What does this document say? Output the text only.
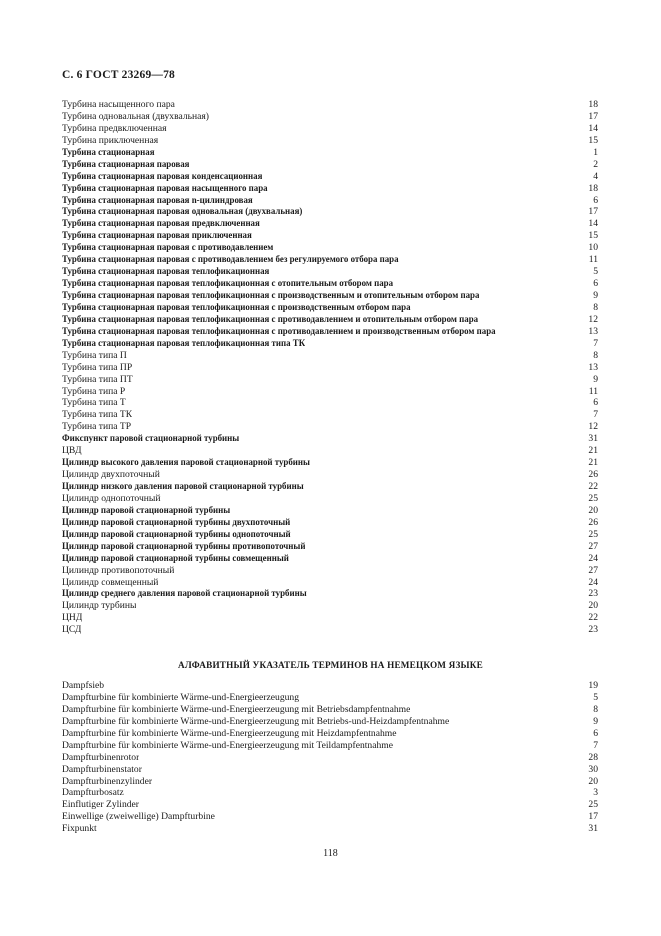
С. 6 ГОСТ 23269—78
Турбина насыщенного пара	18
Турбина одновальная (двухвальная)	17
Турбина предвключенная	14
Турбина приключенная	15
Турбина стационарная	1
Турбина стационарная паровая	2
Турбина стационарная паровая конденсационная	4
Турбина стационарная паровая насыщенного пара	18
Турбина стационарная паровая n-цилиндровая	6
Турбина стационарная паровая одновальная (двухвальная)	17
Турбина стационарная паровая предвключенная	14
Турбина стационарная паровая приключенная	15
Турбина стационарная паровая с противодавлением	10
Турбина стационарная паровая с противодавлением без регулируемого отбора пара	11
Турбина стационарная паровая теплофикационная	5
Турбина стационарная паровая теплофикационная с отопительным отбором пара	6
Турбина стационарная паровая теплофикационная с производственным и отопительным отбором пара	9
Турбина стационарная паровая теплофикационная с производственным отбором пара	8
Турбина стационарная паровая теплофикационная с противодавлением и отопительным отбором пара	12
Турбина стационарная паровая теплофикационная с противодавлением и производственным отбором пара	13
Турбина стационарная паровая теплофикационная типа ТК	7
Турбина типа П	8
Турбина типа ПР	13
Турбина типа ПТ	9
Турбина типа Р	11
Турбина типа Т	6
Турбина типа ТК	7
Турбина типа ТР	12
Фикспункт паровой стационарной турбины	31
ЦВД	21
Цилиндр высокого давления паровой стационарной турбины	21
Цилиндр двухпоточный	26
Цилиндр низкого давления паровой стационарной турбины	22
Цилиндр однопоточный	25
Цилиндр паровой стационарной турбины	20
Цилиндр паровой стационарной турбины двухпоточный	26
Цилиндр паровой стационарной турбины однопоточный	25
Цилиндр паровой стационарной турбины противопоточный	27
Цилиндр паровой стационарной турбины совмещенный	24
Цилиндр противопоточный	27
Цилиндр совмещенный	24
Цилиндр среднего давления паровой стационарной турбины	23
Цилиндр турбины	20
ЦНД	22
ЦСД	23
АЛФАВИТНЫЙ УКАЗАТЕЛЬ ТЕРМИНОВ НА НЕМЕЦКОМ ЯЗЫКЕ
Dampfsieb	19
Dampfturbine für kombinierte Wärme-und-Energieerzeugung	5
Dampfturbine für kombinierte Wärme-und-Energieerzeugung mit Betriebsdampfentnahme	8
Dampfturbine für kombinierte Wärme-und-Energieerzeugung mit Betriebs-und-Heizdampfentnahme	9
Dampfturbine für kombinierte Wärme-und-Energieerzeugung mit Heizdampfentnahme	6
Dampfturbine für kombinierte Wärme-und-Energieerzeugung mit Teildampfentnahme	7
Dampfturbinenrotor	28
Dampfturbinenstator	30
Dampfturbinenzylinder	20
Dampfturbosatz	3
Einflutiger Zylinder	25
Einwellige (zweiwellige) Dampfturbine	17
Fixpunkt	31
118
